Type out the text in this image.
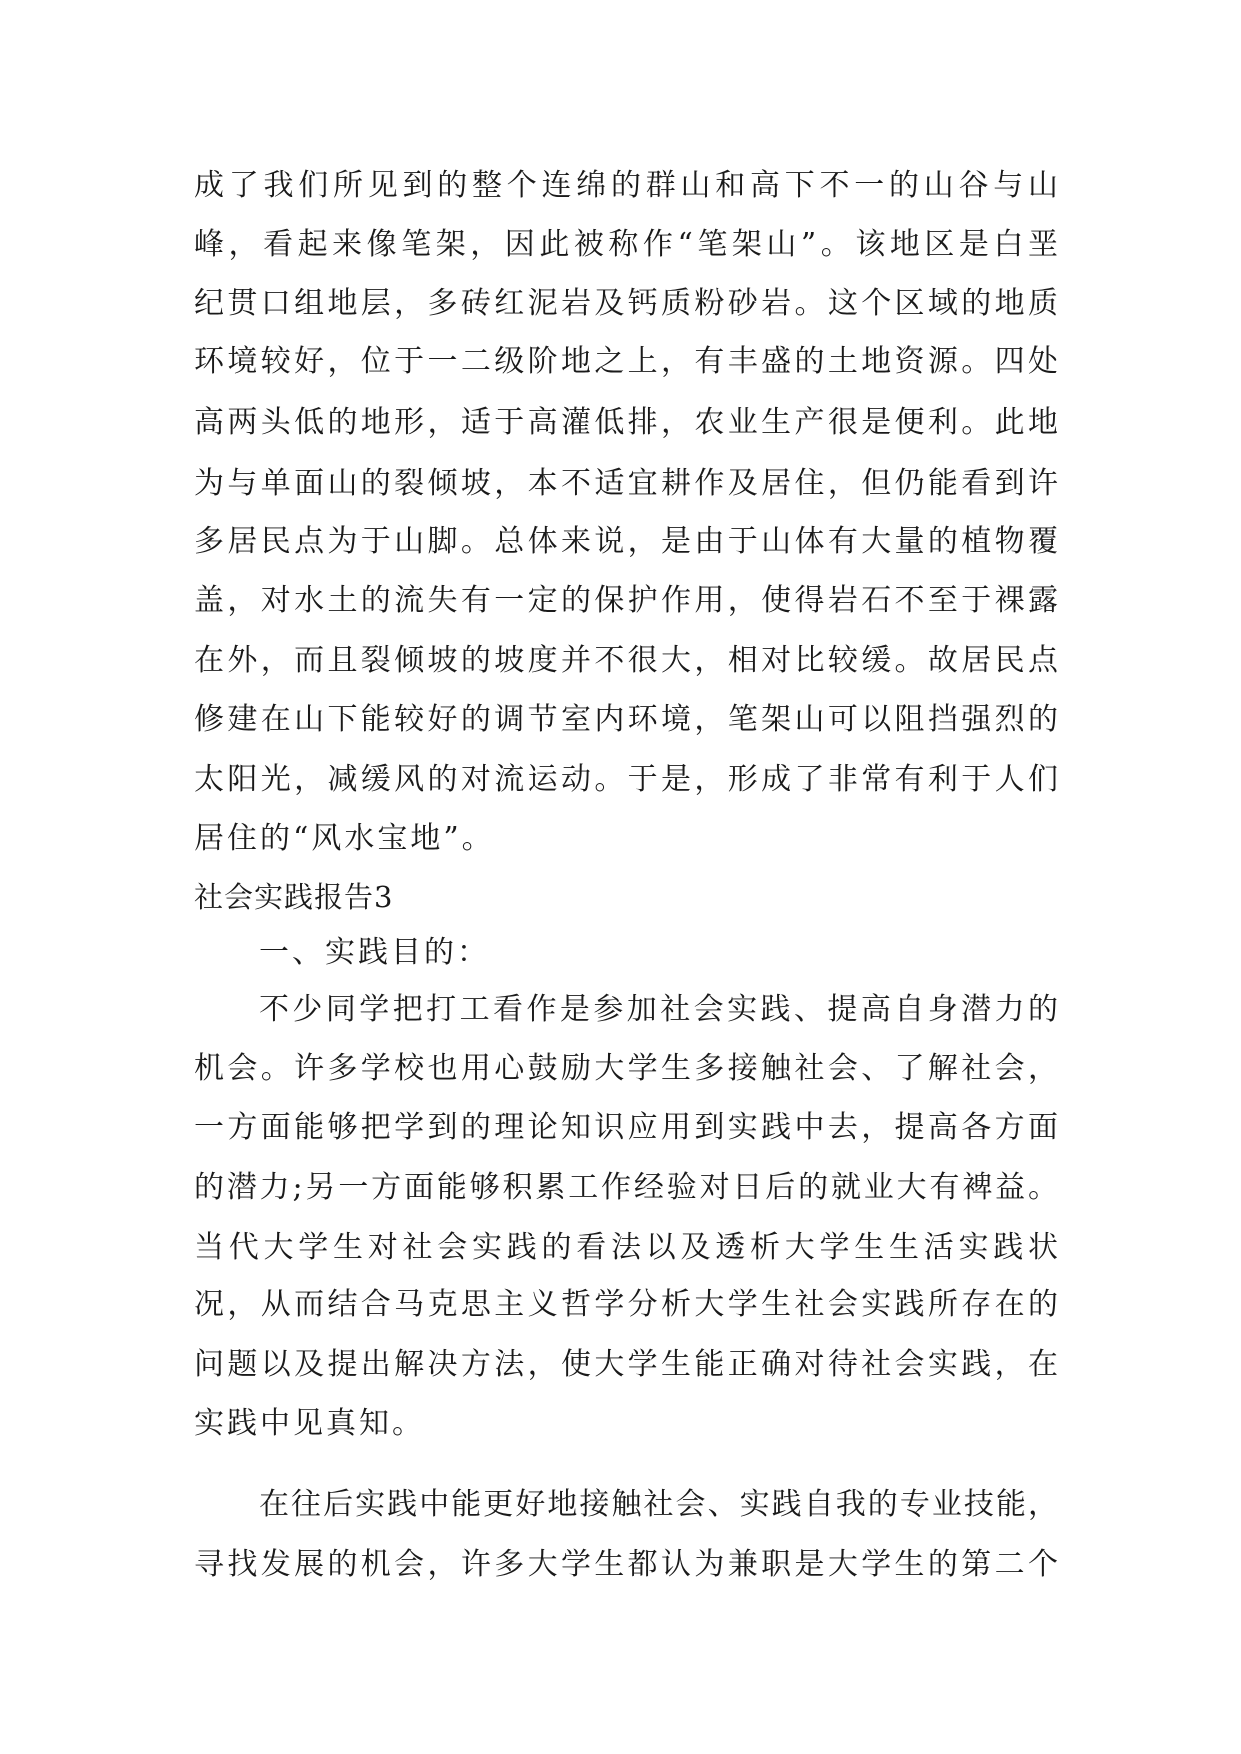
成了我们所见到的整个连绵的群山和高下不一的山谷与山
峰，看起来像笔架，因此被称作“笔架山”。该地区是白垩
纪贯口组地层，多砖红泥岩及钙质粉砂岩。这个区域的地质
环境较好，位于一二级阶地之上，有丰盛的土地资源。四处
高两头低的地形，适于高灌低排，农业生产很是便利。此地
为与单面山的裂倾坡，本不适宜耕作及居住，但仍能看到许
多居民点为于山脚。总体来说，是由于山体有大量的植物覆
盖，对水土的流失有一定的保护作用，使得岩石不至于裸露
在外，而且裂倾坡的坡度并不很大，相对比较缓。故居民点
修建在山下能较好的调节室内环境，笔架山可以阻挡强烈的
太阳光，减缓风的对流运动。于是，形成了非常有利于人们
居住的“风水宝地”。
社会实践报告3
一、实践目的：
不少同学把打工看作是参加社会实践、提高自身潜力的
机会。许多学校也用心鼓励大学生多接触社会、了解社会，
一方面能够把学到的理论知识应用到实践中去，提高各方面
的潜力;另一方面能够积累工作经验对日后的就业大有裨益。
当代大学生对社会实践的看法以及透析大学生生活实践状
况，从而结合马克思主义哲学分析大学生社会实践所存在的
问题以及提出解决方法，使大学生能正确对待社会实践，在
实践中见真知。
在往后实践中能更好地接触社会、实践自我的专业技能，
寻找发展的机会，许多大学生都认为兼职是大学生的第二个
